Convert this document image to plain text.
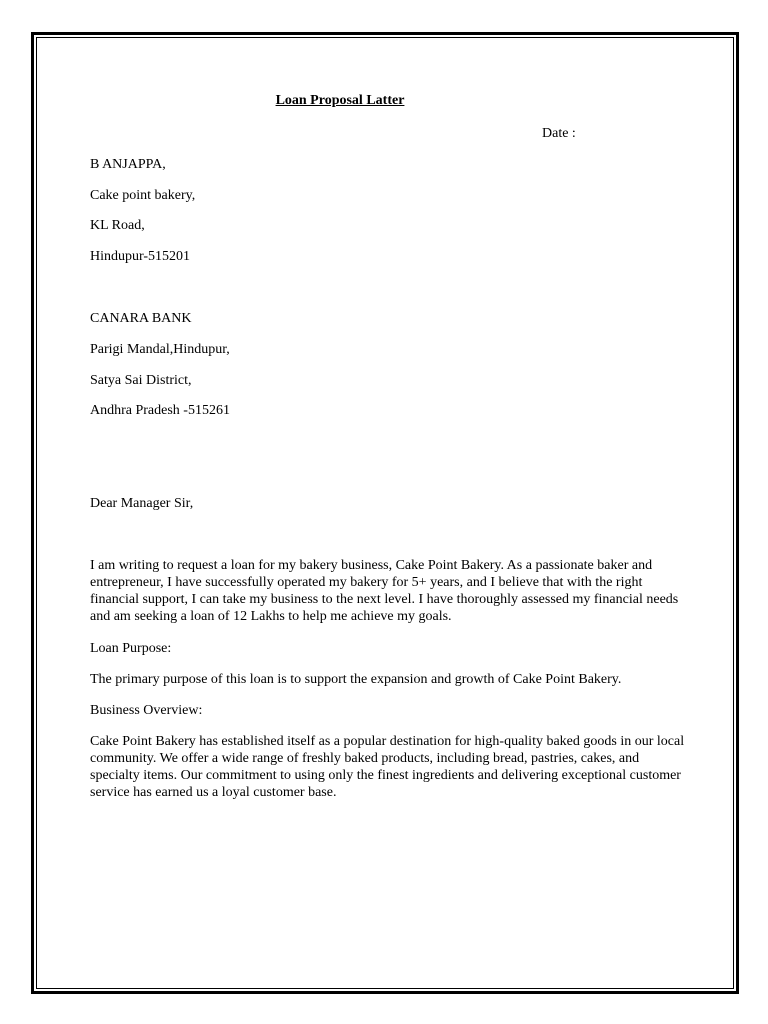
Loan Proposal Latter
Date :
B ANJAPPA,
Cake point bakery,
KL Road,
Hindupur-515201
CANARA BANK
Parigi Mandal,Hindupur,
Satya Sai District,
Andhra Pradesh -515261
Dear Manager Sir,
I am writing to request a loan for my bakery business, Cake Point Bakery. As a passionate baker and entrepreneur, I have successfully operated my bakery for 5+ years, and I believe that with the right financial support, I can take my business to the next level. I have thoroughly assessed my financial needs and am seeking a loan of 12 Lakhs to help me achieve my goals.
Loan Purpose:
The primary purpose of this loan is to support the expansion and growth of Cake Point Bakery.
Business Overview:
Cake Point Bakery has established itself as a popular destination for high-quality baked goods in our local community. We offer a wide range of freshly baked products, including bread, pastries, cakes, and specialty items. Our commitment to using only the finest ingredients and delivering exceptional customer service has earned us a loyal customer base.
